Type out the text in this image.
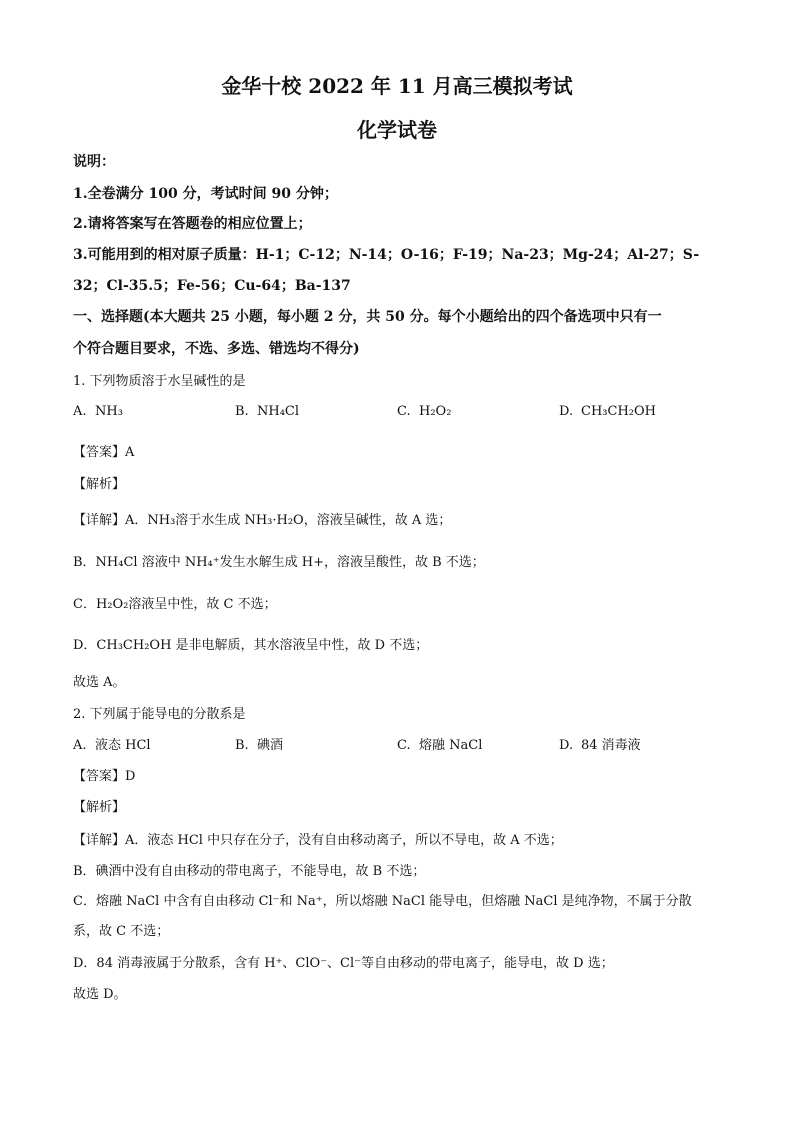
金华十校 2022 年 11 月高三模拟考试
化学试卷
说明：
1.全卷满分 100 分，考试时间 90 分钟；
2.请将答案写在答题卷的相应位置上；
3.可能用到的相对原子质量：H-1；C-12；N-14；O-16；F-19；Na-23；Mg-24；Al-27；S-
32；Cl-35.5；Fe-56；Cu-64；Ba-137
一、选择题(本大题共 25 小题，每小题 2 分，共 50 分。每个小题给出的四个备选项中只有一
个符合题目要求，不选、多选、错选均不得分)
1. 下列物质溶于水呈碱性的是
A. NH₃	B. NH₄Cl	C. H₂O₂	D. CH₃CH₂OH
【答案】A
【解析】
【详解】A．NH₃溶于水生成 NH₃·H₂O，溶液呈碱性，故 A 选；
B．NH₄Cl 溶液中 NH₄⁺发生水解生成 H+，溶液呈酸性，故 B 不选；
C．H₂O₂溶液呈中性，故 C 不选；
D．CH₃CH₂OH 是非电解质，其水溶液呈中性，故 D 不选；
故选 A。
2. 下列属于能导电的分散系是
A. 液态 HCl	B. 碘酒	C. 熔融 NaCl	D. 84 消毒液
【答案】D
【解析】
【详解】A．液态 HCl 中只存在分子，没有自由移动离子，所以不导电，故 A 不选；
B．碘酒中没有自由移动的带电离子，不能导电，故 B 不选；
C．熔融 NaCl 中含有自由移动 Cl⁻和 Na⁺，所以熔融 NaCl 能导电，但熔融 NaCl 是纯净物，不属于分散
系，故 C 不选；
D．84 消毒液属于分散系，含有 H⁺、ClO⁻、Cl⁻等自由移动的带电离子，能导电，故 D 选；
故选 D。
